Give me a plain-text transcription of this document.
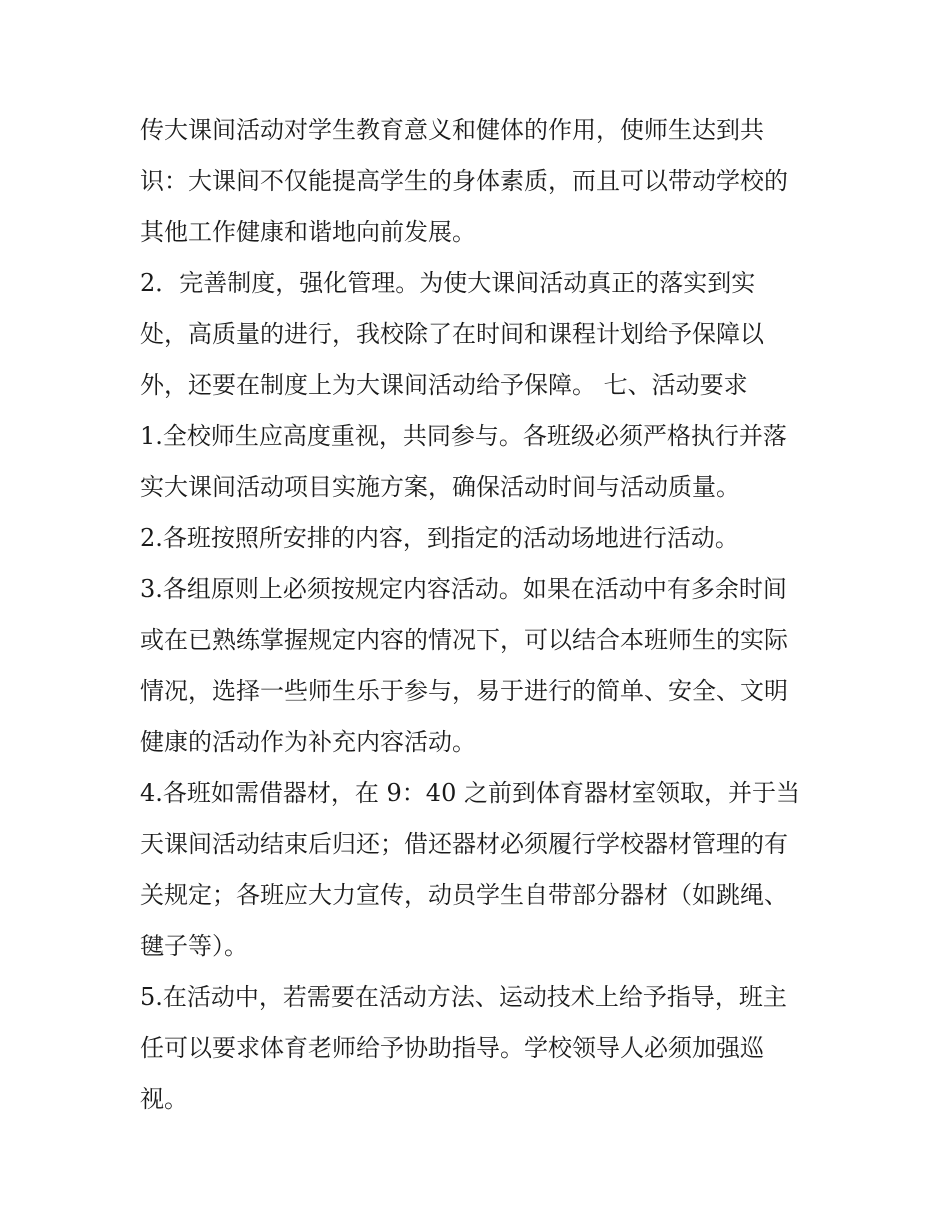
传大课间活动对学生教育意义和健体的作用，使师生达到共
识：大课间不仅能提高学生的身体素质，而且可以带动学校的
其他工作健康和谐地向前发展。
2．完善制度，强化管理。为使大课间活动真正的落实到实
处，高质量的进行，我校除了在时间和课程计划给予保障以
外，还要在制度上为大课间活动给予保障。 七、活动要求
1.全校师生应高度重视，共同参与。各班级必须严格执行并落
实大课间活动项目实施方案，确保活动时间与活动质量。
2.各班按照所安排的内容，到指定的活动场地进行活动。
3.各组原则上必须按规定内容活动。如果在活动中有多余时间
或在已熟练掌握规定内容的情况下，可以结合本班师生的实际
情况，选择一些师生乐于参与，易于进行的简单、安全、文明
健康的活动作为补充内容活动。
4.各班如需借器材，在 9：40 之前到体育器材室领取，并于当
天课间活动结束后归还；借还器材必须履行学校器材管理的有
关规定；各班应大力宣传，动员学生自带部分器材（如跳绳、
毽子等）。
5.在活动中，若需要在活动方法、运动技术上给予指导，班主
任可以要求体育老师给予协助指导。学校领导人必须加强巡
视。
